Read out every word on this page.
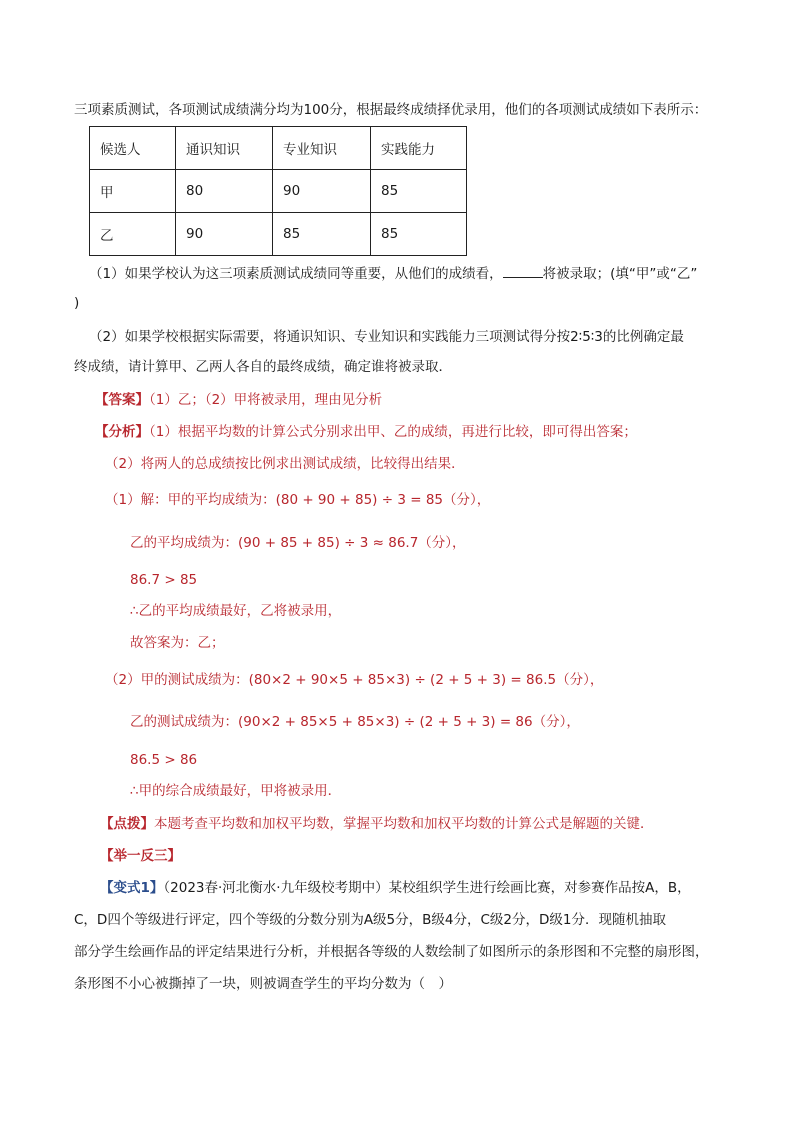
三项素质测试，各项测试成绩满分均为100分，根据最终成绩择优录用，他们的各项测试成绩如下表所示：
候选人	通识知识	专业知识	实践能力
甲	80	90	85
乙	90	85	85
（1）如果学校认为这三项素质测试成绩同等重要，从他们的成绩看，	将被录取；(填“甲”或“乙”
)
（2）如果学校根据实际需要，将通识知识、专业知识和实践能力三项测试得分按2∶5∶3的比例确定最
终成绩，请计算甲、乙两人各自的最终成绩，确定谁将被录取．
【答案】（1）乙；（2）甲将被录用，理由见分析
【分析】（1）根据平均数的计算公式分别求出甲、乙的成绩，再进行比较，即可得出答案；
（2）将两人的总成绩按比例求出测试成绩，比较得出结果．
（1）解：甲的平均成绩为：(80 + 90 + 85) ÷ 3 = 85（分），
乙的平均成绩为：(90 + 85 + 85) ÷ 3 ≈ 86.7（分），
86.7 > 85
∴乙的平均成绩最好，乙将被录用，
故答案为：乙；
（2）甲的测试成绩为：(80×2 + 90×5 + 85×3) ÷ (2 + 5 + 3) = 86.5（分），
乙的测试成绩为：(90×2 + 85×5 + 85×3) ÷ (2 + 5 + 3) = 86（分），
86.5 > 86
∴甲的综合成绩最好，甲将被录用．
【点拨】本题考查平均数和加权平均数，掌握平均数和加权平均数的计算公式是解题的关键．
【举一反三】
【变式1】（2023春·河北衡水·九年级校考期中）某校组织学生进行绘画比赛，对参赛作品按A，B，
C，D四个等级进行评定，四个等级的分数分别为A级5分，B级4分，C级2分，D级1分．现随机抽取
部分学生绘画作品的评定结果进行分析，并根据各等级的人数绘制了如图所示的条形图和不完整的扇形图，
条形图不小心被撕掉了一块，则被调查学生的平均分数为（　）
